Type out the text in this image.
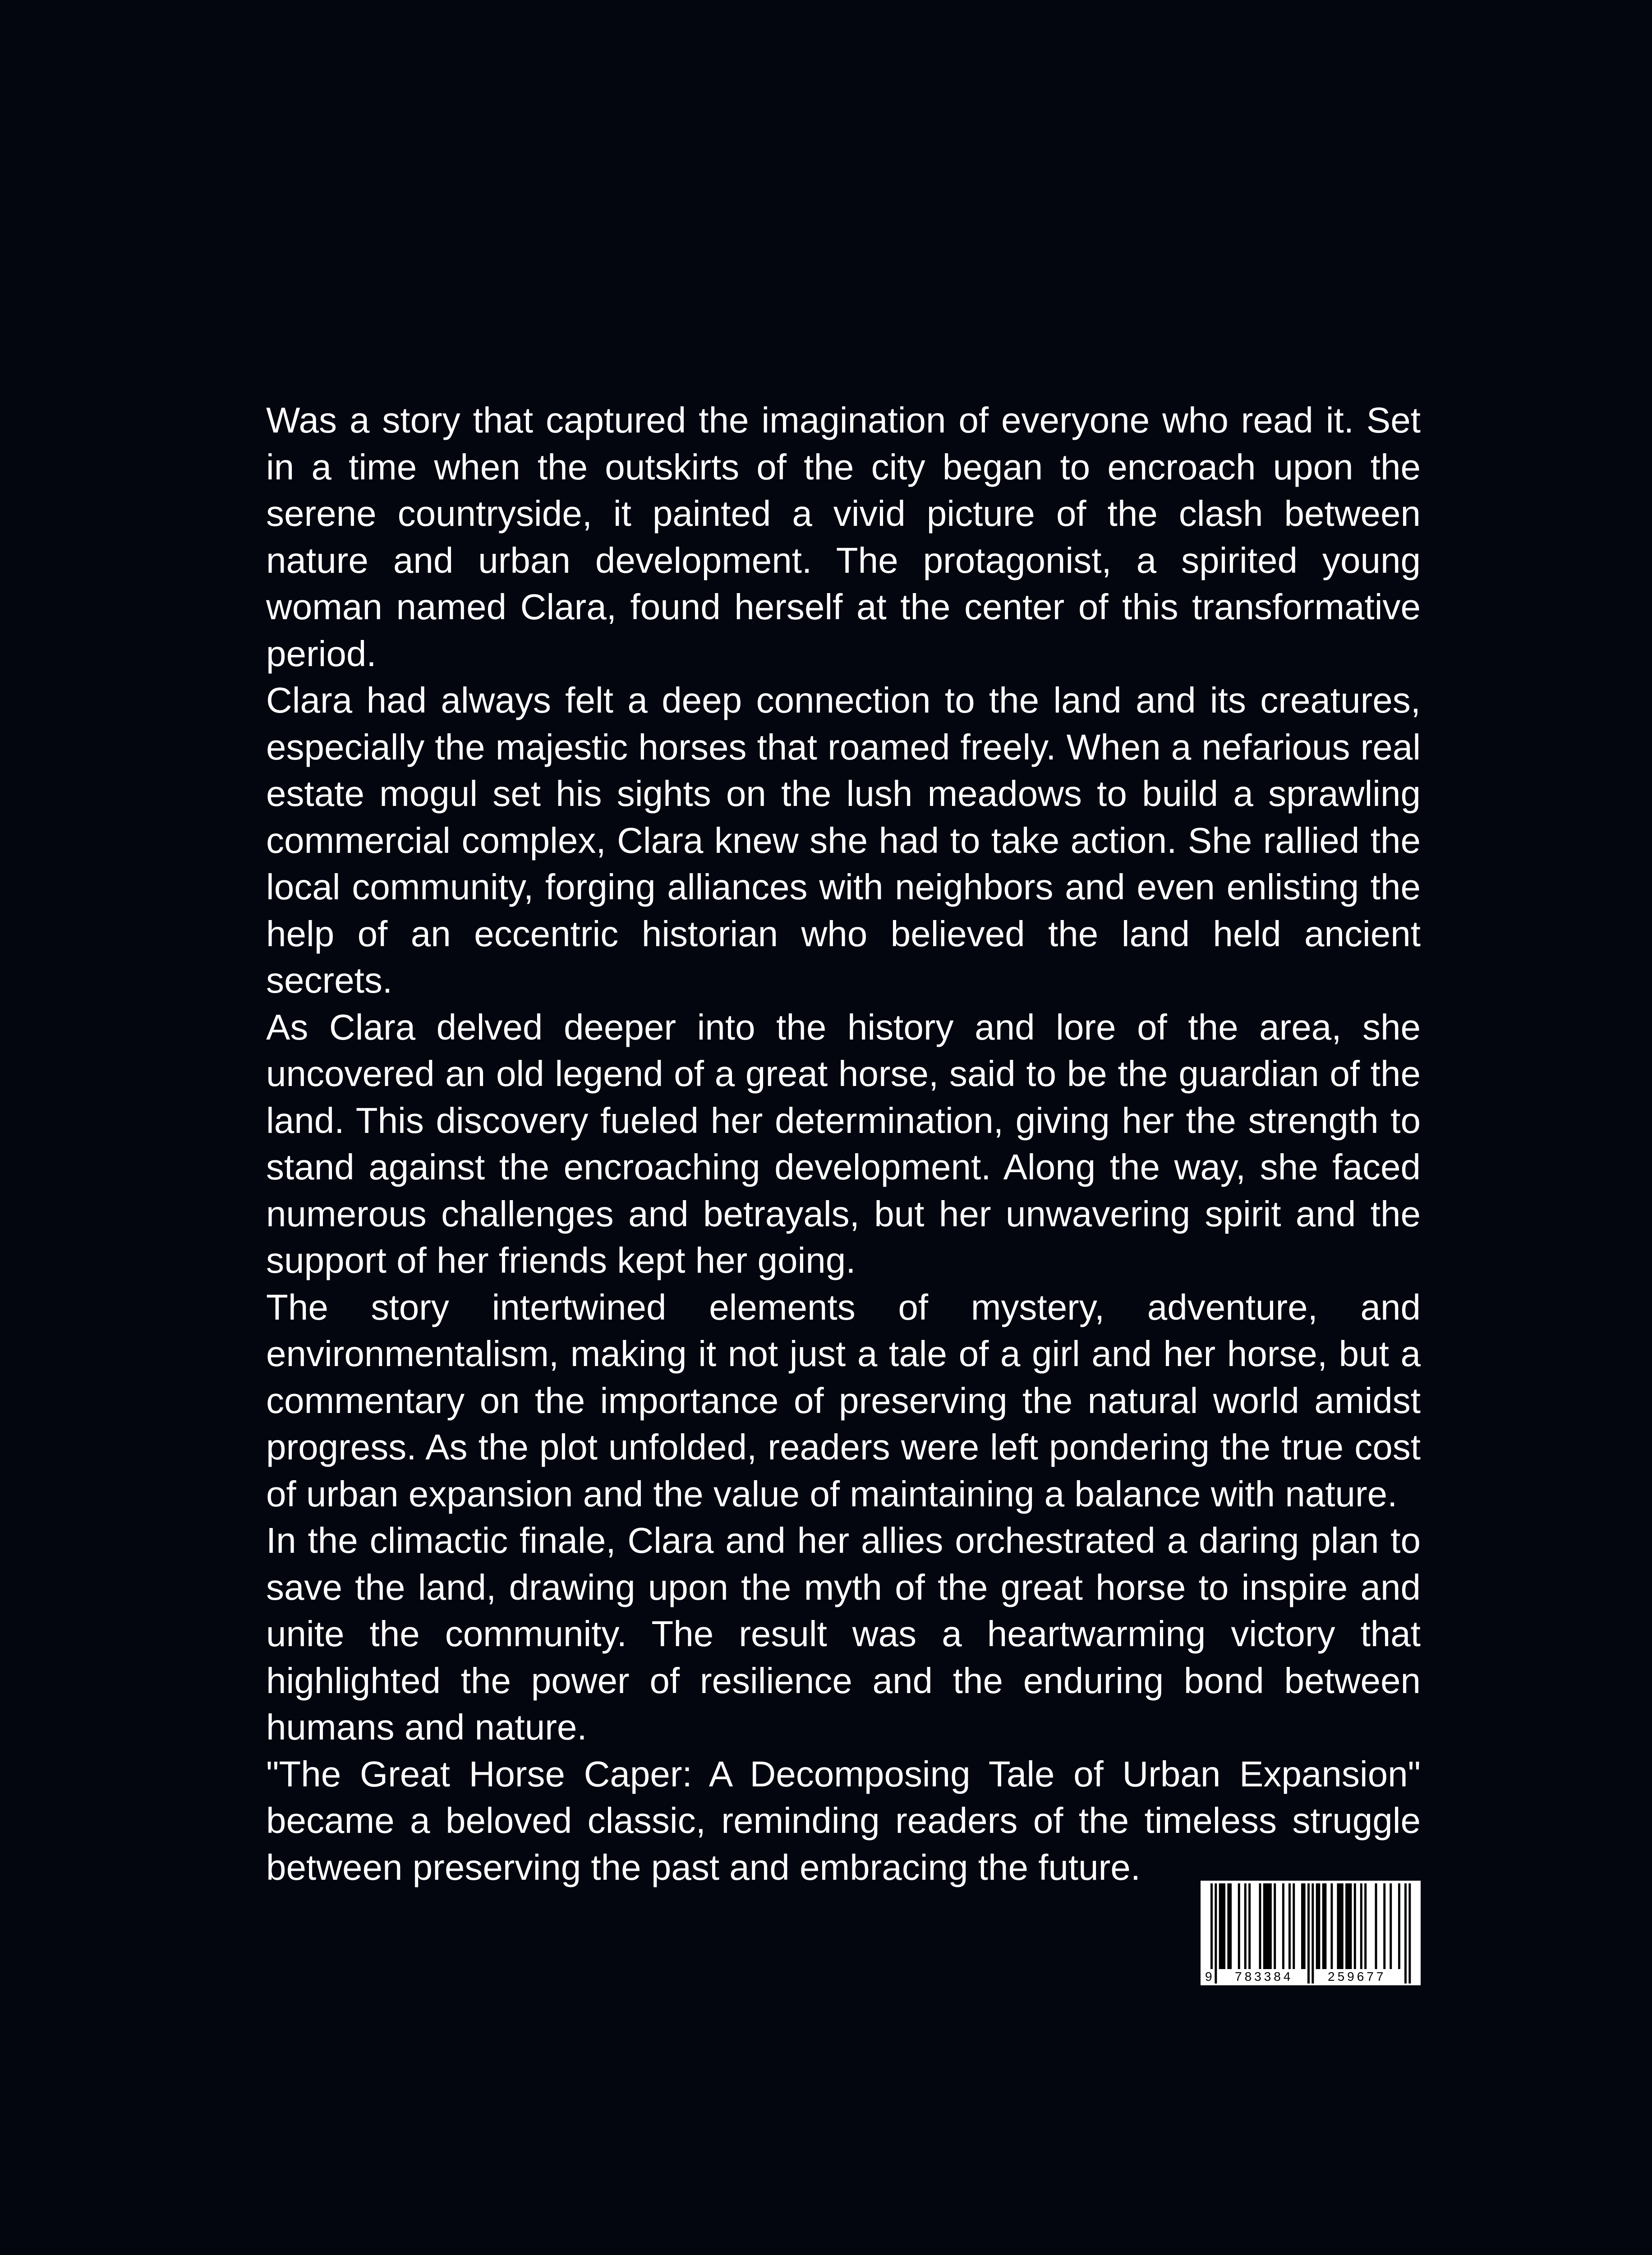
Was a story that captured the imagination of everyone who read it. Set in a time when the outskirts of the city began to encroach upon the serene countryside, it painted a vivid picture of the clash between nature and urban development. The protagonist, a spirited young woman named Clara, found herself at the center of this transformative period.

Clara had always felt a deep connection to the land and its creatures, especially the majestic horses that roamed freely. When a nefarious real estate mogul set his sights on the lush meadows to build a sprawling commercial complex, Clara knew she had to take action. She rallied the local community, forging alliances with neighbors and even enlisting the help of an eccentric historian who believed the land held ancient secrets.

As Clara delved deeper into the history and lore of the area, she uncovered an old legend of a great horse, said to be the guardian of the land. This discovery fueled her determination, giving her the strength to stand against the encroaching development. Along the way, she faced numerous challenges and betrayals, but her unwavering spirit and the support of her friends kept her going.

The story intertwined elements of mystery, adventure, and environmentalism, making it not just a tale of a girl and her horse, but a commentary on the importance of preserving the natural world amidst progress. As the plot unfolded, readers were left pondering the true cost of urban expansion and the value of maintaining a balance with nature.

In the climactic finale, Clara and her allies orchestrated a daring plan to save the land, drawing upon the myth of the great horse to inspire and unite the community. The result was a heartwarming victory that highlighted the power of resilience and the enduring bond between humans and nature.

"The Great Horse Caper: A Decomposing Tale of Urban Expansion" became a beloved classic, reminding readers of the timeless struggle between preserving the past and embracing the future.

9 783384	259677
